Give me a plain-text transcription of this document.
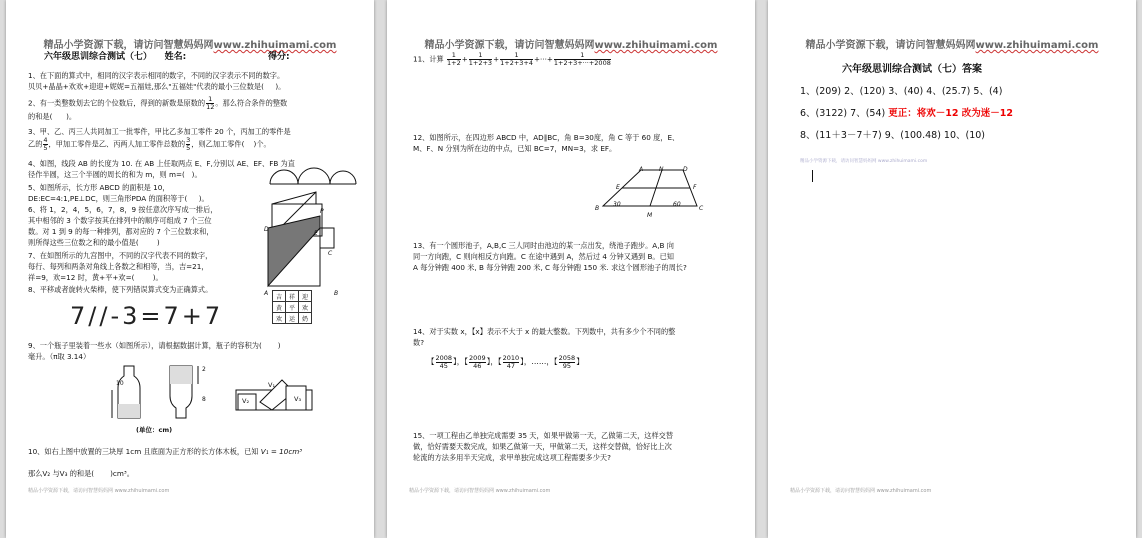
精品小学资源下载，请访问智慧妈妈网www.zhihuimami.com
六年级思训综合测试（七） 姓名:	得分:
1、在下面的算式中，相同的汉字表示相同的数字，不同的汉字表示不同的数字。
贝贝+晶晶+欢欢+迎迎+妮妮=五福娃,那么"五福娃"代表的最小三位数是( )。
2、有一类整数划去它的个位数后，得到的新数是原数的 $\frac{1}{12}$。那么符合条件的整数
的和是( )。
3、甲、乙、丙三人共同加工一批零件，甲比乙多加工零件 20 个，丙加工的零件是
乙的 $\frac{4}{5}$，甲加工零件是乙、丙两人加工零件总数的 $\frac{3}{5}$，则乙加工零件( )个。
4、如图，线段 AB 的长度为 10. 在 AB 上任取两点 E、F,分别以 AE、EF、FB 为直
径作半圆，这三个半圆的周长的和为 m，则 m=( )。
5、如图所示，长方形 ABCD 的面积是 10，
DE:EC=4:1,PE⊥DC，则三角形PDA 的面积等于( )。
6、将 1，2，4，5，6，7，8，9 按任意次序写成一排后，
其中相邻的 3 个数字按其在排列中的顺序可组成 7 个三位
数。对 1 到 9 的每一种排列，都对应的 7 个三位数求和，
则所得这些三位数之和的最小值是(	)
P
D
E
C
A	B
7、在如图所示的九宫图中，不同的汉字代表不同的数字，
每行、每列和两条对角线上各数之和相等，当，吉=21，
祥=9，欢=12 时，黄+平+欢=(	)。
8、平移或者旋转火柴棒，使下列错误算式变为正确算式。
吉	祥	迎
黄	平	欢
欢	运	奶
7//-3=7+7
9、一个瓶子里装着一些水（如图所示），请根据数据计算，瓶子的容积为( )
毫升。（π取 3.14）
10
2
8
(单位：cm)
V₁
V₂	V₃
10、如右上图中放置的三块厚 1cm 且底面为正方形的长方体木板，已知 V₁ = 10cm³
那么V₂ 与V₃ 的和是( )cm³。
精品小学资源下载，请访问智慧妈妈网 www.zhihuimami.com
精品小学资源下载，请访问智慧妈妈网www.zhihuimami.com
11、计算 $\frac{1}{1+2}+ \frac{1}{1+2+3}+ \frac{1}{1+2+3+4}+\cdot\cdot\cdot+ \frac{1}{1+2+3+\cdot\cdot\cdot+2008}$
12、如图所示，在四边形 ABCD 中，AD∥BC，角 B=30度，角 C 等于 60 度，E、
M、F、N 分别为所在边的中点，已知 BC=7，MN=3，求 EF。
A	N	D
E	F
B
30
M
60
C
13、有一个圆形池子，A,B,C 三人同时由池边的某一点出发，绕池子跑步。A,B 向
同一方向跑，C 则向相反方向跑。C 在途中遇到 A，然后过 4 分钟又遇到 B。已知
A 每分钟跑 400 米, B 每分钟跑 200 米, C 每分钟跑 150 米. 求这个圆形池子的周长?
14、对于实数 x，【x】表示不大于 x 的最大整数。下列数中，共有多少个不同的整
数?
【 $\frac{2008}{45}$】，【 $\frac{2009}{46}$】，【 $\frac{2010}{47}$】，……，【 $\frac{2058}{95}$】
15、一项工程由乙单独完成需要 35 天，如果甲做第一天，乙做第二天，这样交替
做，恰好需要天数完成，如果乙做第一天，甲做第二天，这样交替做，恰好比上次
轮流的方法多用半天完成，求甲单独完成这项工程需要多少天?
精品小学资源下载，请访问智慧妈妈网 www.zhihuimami.com
精品小学资源下载，请访问智慧妈妈网www.zhihuimami.com
六年级思训综合测试（七）答案
1、(209) 2、(120) 3、(40) 4、(25.7) 5、(4)
6、(3122) 7、(54) 更正：将欢－12 改为迷－12
8、(11＋3－7＋7) 9、(100.48) 10、(10)
精品小学资源下载，请访问智慧妈妈网 www.zhihuimami.com
精品小学资源下载，请访问智慧妈妈网 www.zhihuimami.com
